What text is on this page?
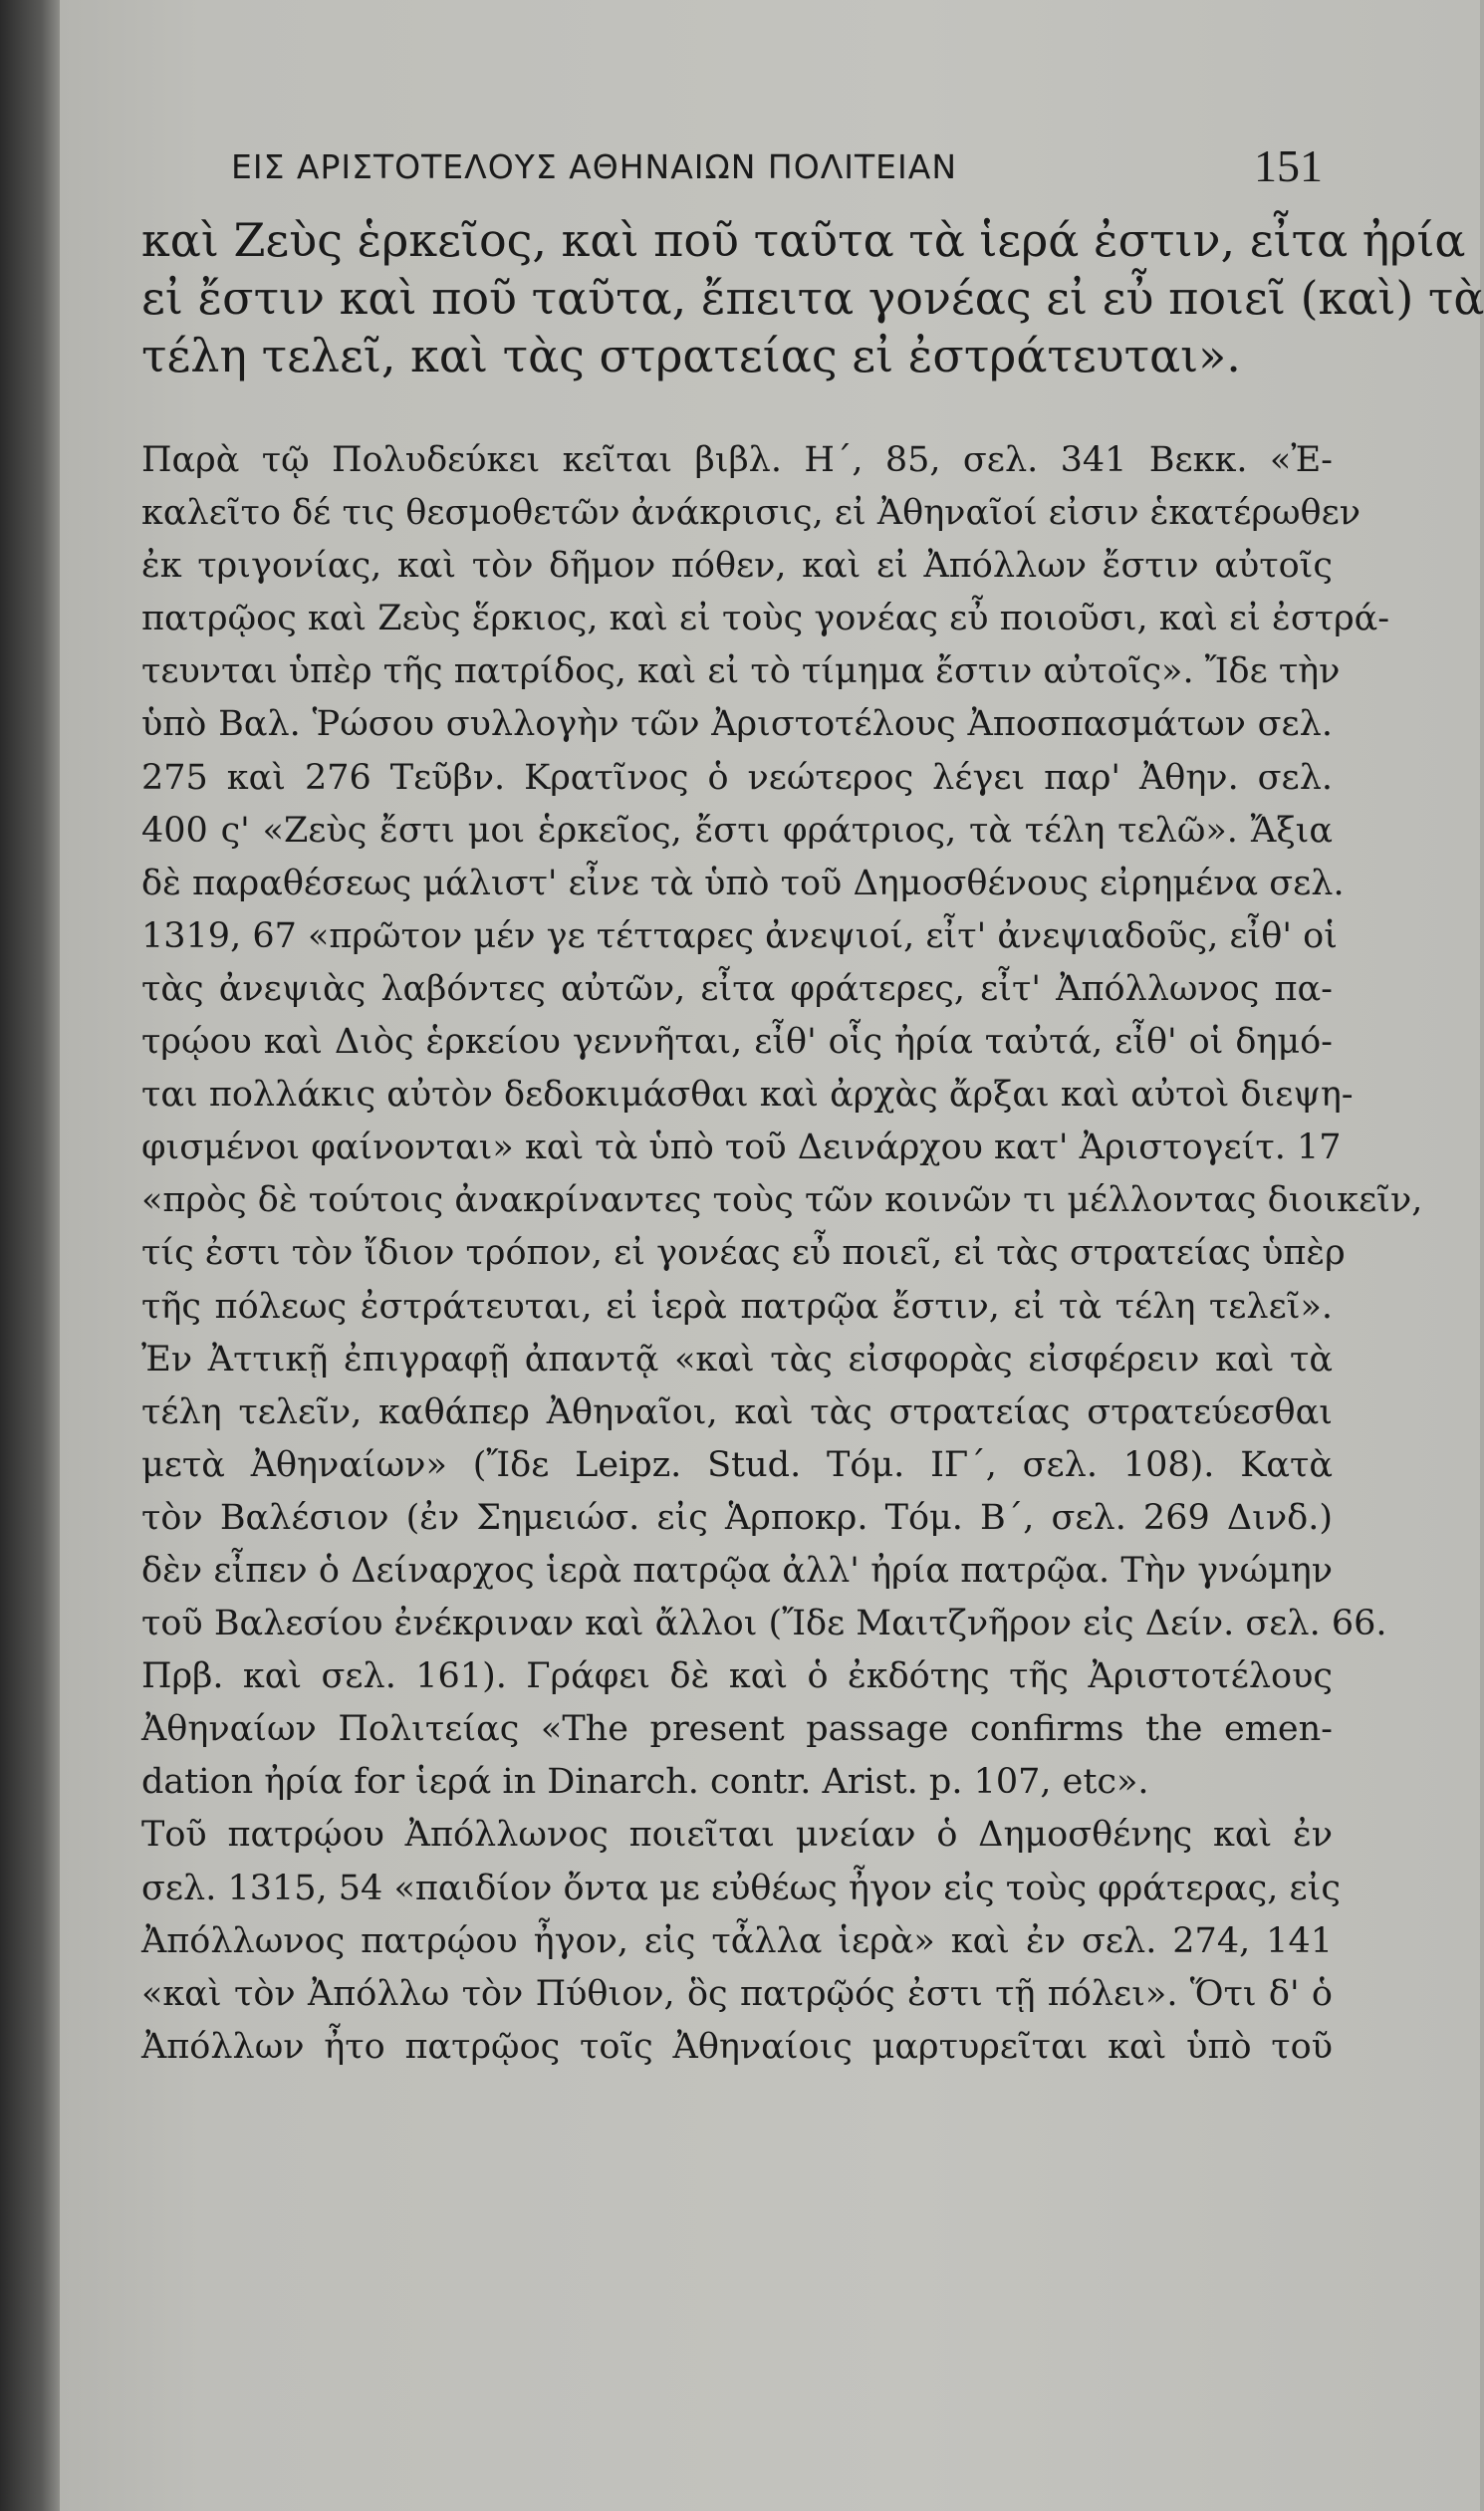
ΕΙΣ ΑΡΙΣΤΟΤΕΛΟΥΣ ΑΘΗΝΑΙΩΝ ΠΟΛΙΤΕΙΑΝ	151
καὶ Ζεὺς ἑρκεῖος, καὶ ποῦ ταῦτα τὰ ἱερά ἐστιν, εἶτα ἠρία
εἰ ἔστιν καὶ ποῦ ταῦτα, ἔπειτα γονέας εἰ εὖ ποιεῖ (καὶ) τὰ
τέλη τελεῖ, καὶ τὰς στρατείας εἰ ἐστράτευται».
Παρὰ τῷ Πολυδεύκει κεῖται βιβλ. Η΄, 85, σελ. 341 Βεκκ. «Ἐ-
καλεῖτο δέ τις θεσμοθετῶν ἀνάκρισις, εἰ Ἀθηναῖοί εἰσιν ἑκατέρωθεν
ἐκ τριγονίας, καὶ τὸν δῆμον πόθεν, καὶ εἰ Ἀπόλλων ἔστιν αὐτοῖς
πατρῷος καὶ Ζεὺς ἕρκιος, καὶ εἰ τοὺς γονέας εὖ ποιοῦσι, καὶ εἰ ἐστρά-
τευνται ὑπὲρ τῆς πατρίδος, καὶ εἰ τὸ τίμημα ἔστιν αὐτοῖς». Ἴδε τὴν
ὑπὸ Βαλ. Ῥώσου συλλογὴν τῶν Ἀριστοτέλους Ἀποσπασμάτων σελ.
275 καὶ 276 Τεῦβν. Κρατῖνος ὁ νεώτερος λέγει παρ' Ἀθην. σελ.
400 ς' «Ζεὺς ἔστι μοι ἑρκεῖος, ἔστι φράτριος, τὰ τέλη τελῶ». Ἄξια
δὲ παραθέσεως μάλιστ' εἶνε τὰ ὑπὸ τοῦ Δημοσθένους εἰρημένα σελ.
1319, 67 «πρῶτον μέν γε τέτταρες ἀνεψιοί, εἶτ' ἀνεψιαδοῦς, εἶθ' οἱ
τὰς ἀνεψιὰς λαβόντες αὐτῶν, εἶτα φράτερες, εἶτ' Ἀπόλλωνος πα-
τρῴου καὶ Διὸς ἑρκείου γεννῆται, εἶθ' οἷς ἠρία ταὐτά, εἶθ' οἱ δημό-
ται πολλάκις αὐτὸν δεδοκιμάσθαι καὶ ἀρχὰς ἄρξαι καὶ αὐτοὶ διεψη-
φισμένοι φαίνονται» καὶ τὰ ὑπὸ τοῦ Δεινάρχου κατ' Ἀριστογείτ. 17
«πρὸς δὲ τούτοις ἀνακρίναντες τοὺς τῶν κοινῶν τι μέλλοντας διοικεῖν,
τίς ἐστι τὸν ἴδιον τρόπον, εἰ γονέας εὖ ποιεῖ, εἰ τὰς στρατείας ὑπὲρ
τῆς πόλεως ἐστράτευται, εἰ ἱερὰ πατρῷα ἔστιν, εἰ τὰ τέλη τελεῖ».
Ἐν Ἀττικῇ ἐπιγραφῇ ἀπαντᾷ «καὶ τὰς εἰσφορὰς εἰσφέρειν καὶ τὰ
τέλη τελεῖν, καθάπερ Ἀθηναῖοι, καὶ τὰς στρατείας στρατεύεσθαι
μετὰ Ἀθηναίων» (Ἴδε Leipz. Stud. Τόμ. ΙΓ΄, σελ. 108). Κατὰ
τὸν Βαλέσιον (ἐν Σημειώσ. εἰς Ἁρποκρ. Τόμ. Β΄, σελ. 269 Δινδ.)
δὲν εἶπεν ὁ Δείναρχος ἱερὰ πατρῷα ἀλλ' ἠρία πατρῷα. Τὴν γνώμην
τοῦ Βαλεσίου ἐνέκριναν καὶ ἄλλοι (Ἴδε Μαιτζνῆρον εἰς Δείν. σελ. 66.
Πρβ. καὶ σελ. 161). Γράφει δὲ καὶ ὁ ἐκδότης τῆς Ἀριστοτέλους
Ἀθηναίων Πολιτείας «The present passage confirms the emen-
dation ἠρία for ἱερά in Dinarch. contr. Arist. p. 107, etc».
Τοῦ πατρῴου Ἀπόλλωνος ποιεῖται μνείαν ὁ Δημοσθένης καὶ ἐν
σελ. 1315, 54 «παιδίον ὄντα με εὐθέως ἦγον εἰς τοὺς φράτερας, εἰς
Ἀπόλλωνος πατρῴου ἦγον, εἰς τἆλλα ἱερὰ» καὶ ἐν σελ. 274, 141
«καὶ τὸν Ἀπόλλω τὸν Πύθιον, ὃς πατρῷός ἐστι τῇ πόλει». Ὅτι δ' ὁ
Ἀπόλλων ἦτο πατρῷος τοῖς Ἀθηναίοις μαρτυρεῖται καὶ ὑπὸ τοῦ
